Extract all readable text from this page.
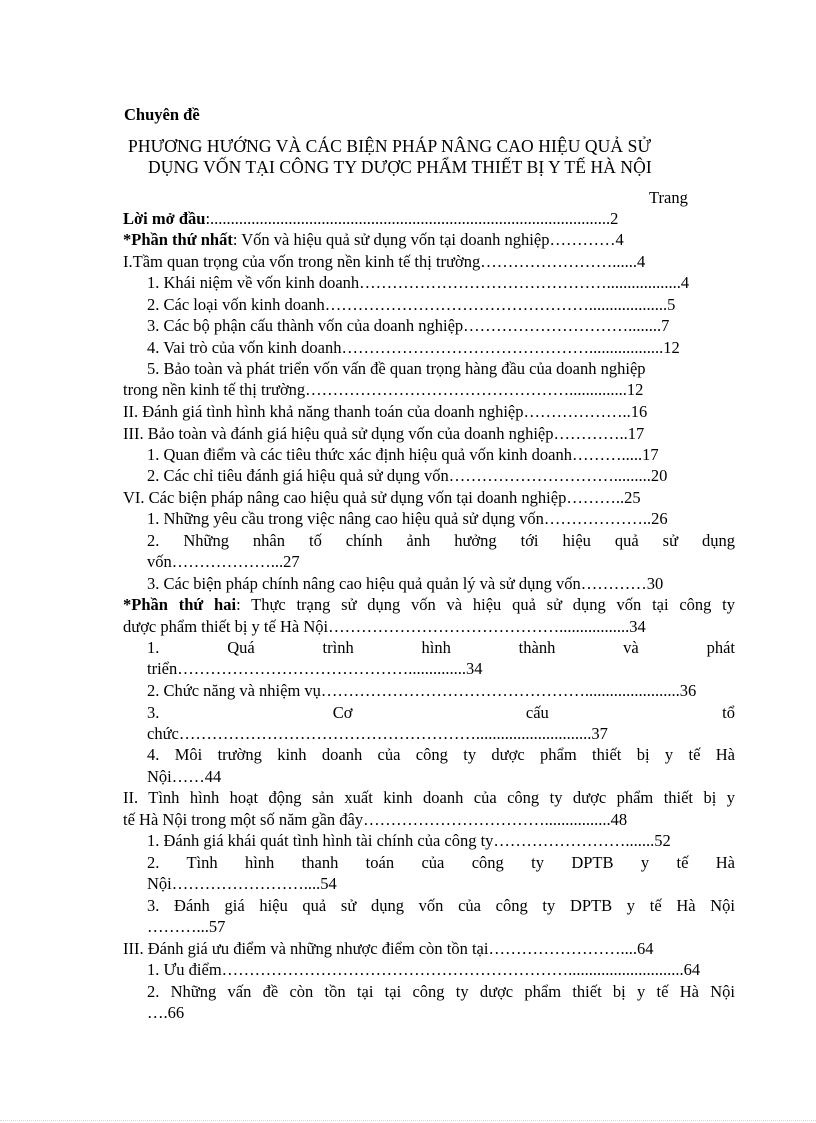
Chuyên đề
PHƯƠNG HƯỚNG VÀ CÁC BIỆN PHÁP NÂNG CAO HIỆU QUẢ SỬ
DỤNG VỐN TẠI CÔNG TY DƯỢC PHẨM THIẾT BỊ Y TẾ HÀ NỘI
Trang
Lời mở đầu:.................................................................................................2
*Phần thứ nhất: Vốn và hiệu quả sử dụng vốn tại doanh nghiệp…………4
I.Tầm quan trọng của vốn trong nền kinh tế thị trường……………………......4
1. Khái niệm về vốn kinh doanh………………………………………..................4
2. Các loại vốn kinh doanh…………………………………………...................5
3. Các bộ phận cấu thành vốn của doanh nghiệp…………………………........7
4. Vai trò của vốn kinh doanh………………………………………..................12
5. Bảo toàn và phát triển vốn vấn đề quan trọng hàng đầu của doanh nghiệp
trong nền kinh tế thị trường…………………………………………..............12
II. Đánh giá tình hình khả năng thanh toán của doanh nghiệp………………..16
III. Bảo toàn và đánh giá hiệu quả sử dụng vốn của doanh nghiệp…………..17
1. Quan điểm và các tiêu thức xác định hiệu quả vốn kinh doanh……….....17
2. Các chỉ tiêu đánh giá hiệu quả sử dụng vốn………………………….........20
VI. Các biện pháp nâng cao hiệu quả sử dụng vốn tại doanh nghiệp………..25
1. Những yêu cầu trong việc nâng cao hiệu quả sử dụng vốn………………..26
2. Những nhân tố chính ảnh hưởng tới hiệu quả sử dụng
vốn………………...27
3. Các biện pháp chính nâng cao hiệu quả quản lý và sử dụng vốn…………30
*Phần thứ hai: Thực trạng sử dụng vốn và hiệu quả sử dụng vốn tại công ty
dược phẩm thiết bị y tế Hà Nội…………………………………….................34
1. Quá trình hình thành và phát
triển……………………………………..............34
2. Chức năng và nhiệm vụ………………………………………….......................36
3. Cơ cấu tổ
chức………………………………………………............................37
4. Môi trường kinh doanh của công ty dược phẩm thiết bị y tế Hà
Nội……44
II. Tình hình hoạt động sản xuất kinh doanh của công ty dược phẩm thiết bị y
tế Hà Nội trong một số năm gần đây……………………………................48
1. Đánh giá khái quát tình hình tài chính của công ty…………………….......52
2. Tình hình thanh toán của công ty DPTB y tế Hà
Nội……………………....54
3. Đánh giá hiệu quả sử dụng vốn của công ty DPTB y tế Hà Nội
………...57
III. Đánh giá ưu điểm và những nhược điểm còn tồn tại……………………....64
1. Ưu điểm………………………………………………………............................64
2. Những vấn đề còn tồn tại tại công ty dược phẩm thiết bị y tế Hà Nội
….66
